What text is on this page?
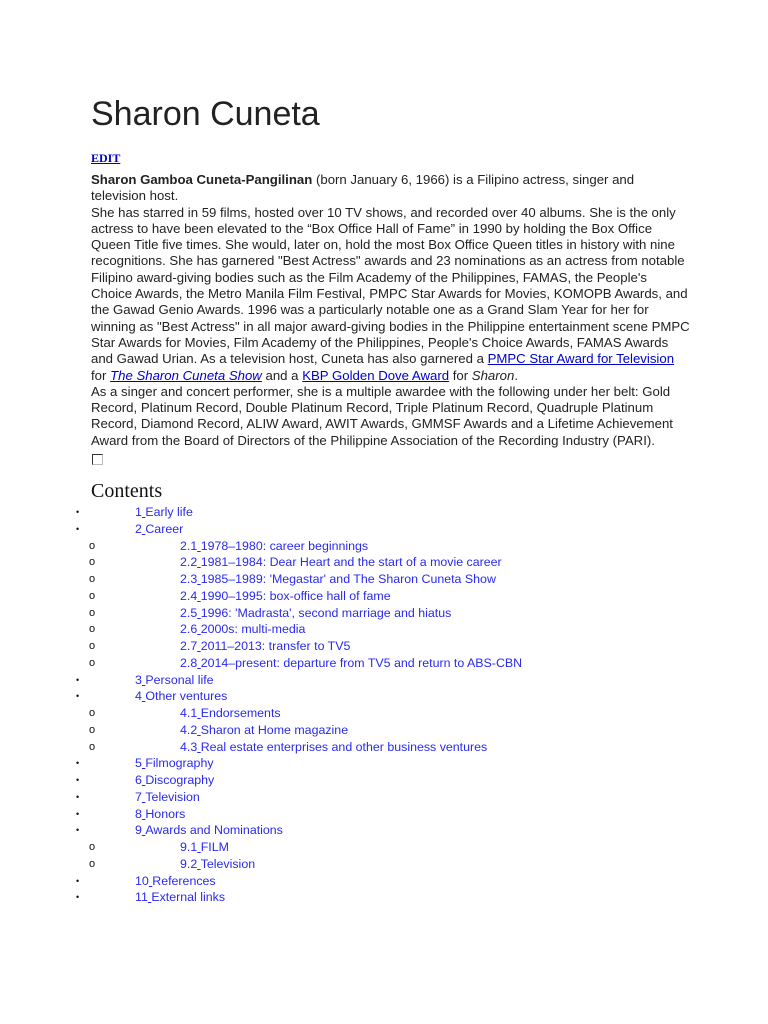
Sharon Cuneta
EDIT

Sharon Gamboa Cuneta-Pangilinan (born January 6, 1966) is a Filipino actress, singer and television host.

She has starred in 59 films, hosted over 10 TV shows, and recorded over 40 albums. She is the only actress to have been elevated to the “Box Office Hall of Fame” in 1990 by holding the Box Office Queen Title five times. She would, later on, hold the most Box Office Queen titles in history with nine recognitions. She has garnered "Best Actress" awards and 23 nominations as an actress from notable Filipino award-giving bodies such as the Film Academy of the Philippines, FAMAS, the People's Choice Awards, the Metro Manila Film Festival, PMPC Star Awards for Movies, KOMOPB Awards, and the Gawad Genio Awards. 1996 was a particularly notable one as a Grand Slam Year for her for winning as "Best Actress" in all major award-giving bodies in the Philippine entertainment scene PMPC Star Awards for Movies, Film Academy of the Philippines, People's Choice Awards, FAMAS Awards and Gawad Urian. As a television host, Cuneta has also garnered a PMPC Star Award for Television for The Sharon Cuneta Show and a KBP Golden Dove Award for Sharon.

As a singer and concert performer, she is a multiple awardee with the following under her belt: Gold Record, Platinum Record, Double Platinum Record, Triple Platinum Record, Quadruple Platinum Record, Diamond Record, ALIW Award, AWIT Awards, GMMSF Awards and a Lifetime Achievement Award from the Board of Directors of the Philippine Association of the Recording Industry (PARI).

Contents
•	1 Early life
•	2 Career
o	2.1 1978–1980: career beginnings
o	2.2 1981–1984: Dear Heart and the start of a movie career
o	2.3 1985–1989: 'Megastar' and The Sharon Cuneta Show
o	2.4 1990–1995: box-office hall of fame
o	2.5 1996: 'Madrasta', second marriage and hiatus
o	2.6 2000s: multi-media
o	2.7 2011–2013: transfer to TV5
o	2.8 2014–present: departure from TV5 and return to ABS-CBN
•	3 Personal life
•	4 Other ventures
o	4.1 Endorsements
o	4.2 Sharon at Home magazine
o	4.3 Real estate enterprises and other business ventures
•	5 Filmography
•	6 Discography
•	7 Television
•	8 Honors
•	9 Awards and Nominations
o	9.1 FILM
o	9.2 Television
•	10 References
•	11 External links
